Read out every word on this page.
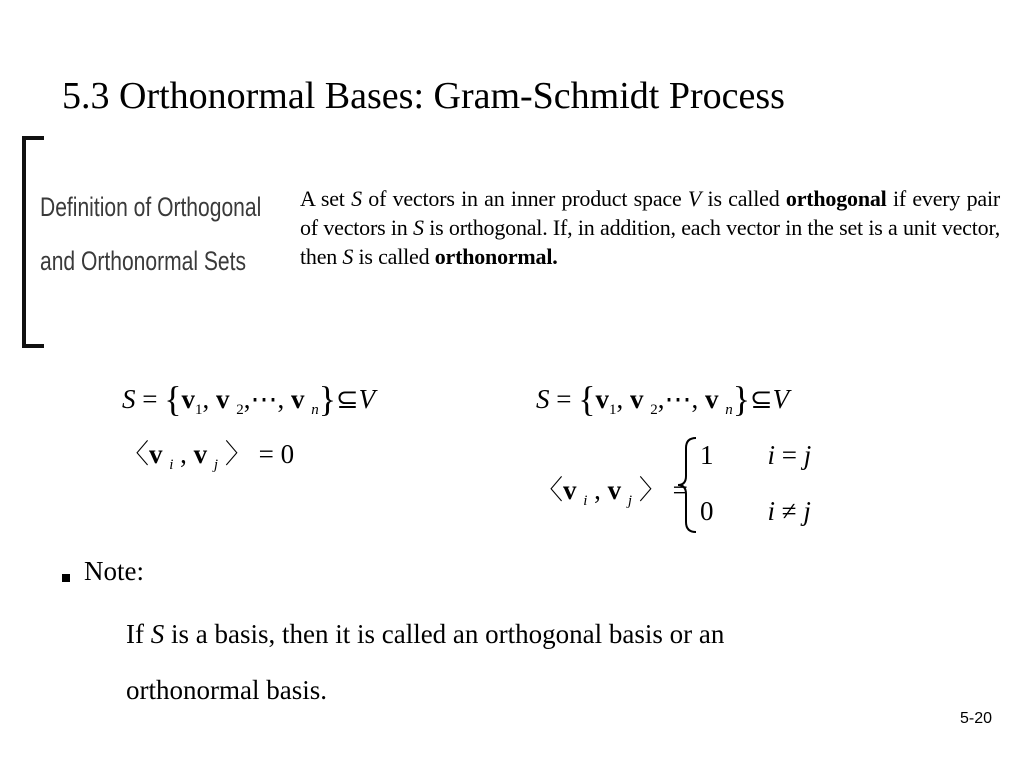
5.3 Orthonormal Bases: Gram-Schmidt Process
Definition of Orthogonal
and Orthonormal Sets
A set S of vectors in an inner product space V is called orthogonal if every pair of vectors in S is orthogonal. If, in addition, each vector in the set is a unit vector, then S is called orthonormal.
$S = \{v_1$, v $_2$,⋯, v $_n$}⊆V
〈v $_i$ , v $_j$ 〉 = 0
$S = \{v_1$, v $_2$,⋯, v $_n$}⊆V
〈v $_i$ , v $_j$ 〉 =
1        i = j
0        i ≠ j
Note:
If S is a basis, then it is called an orthogonal basis or an
orthonormal basis.
5-20
